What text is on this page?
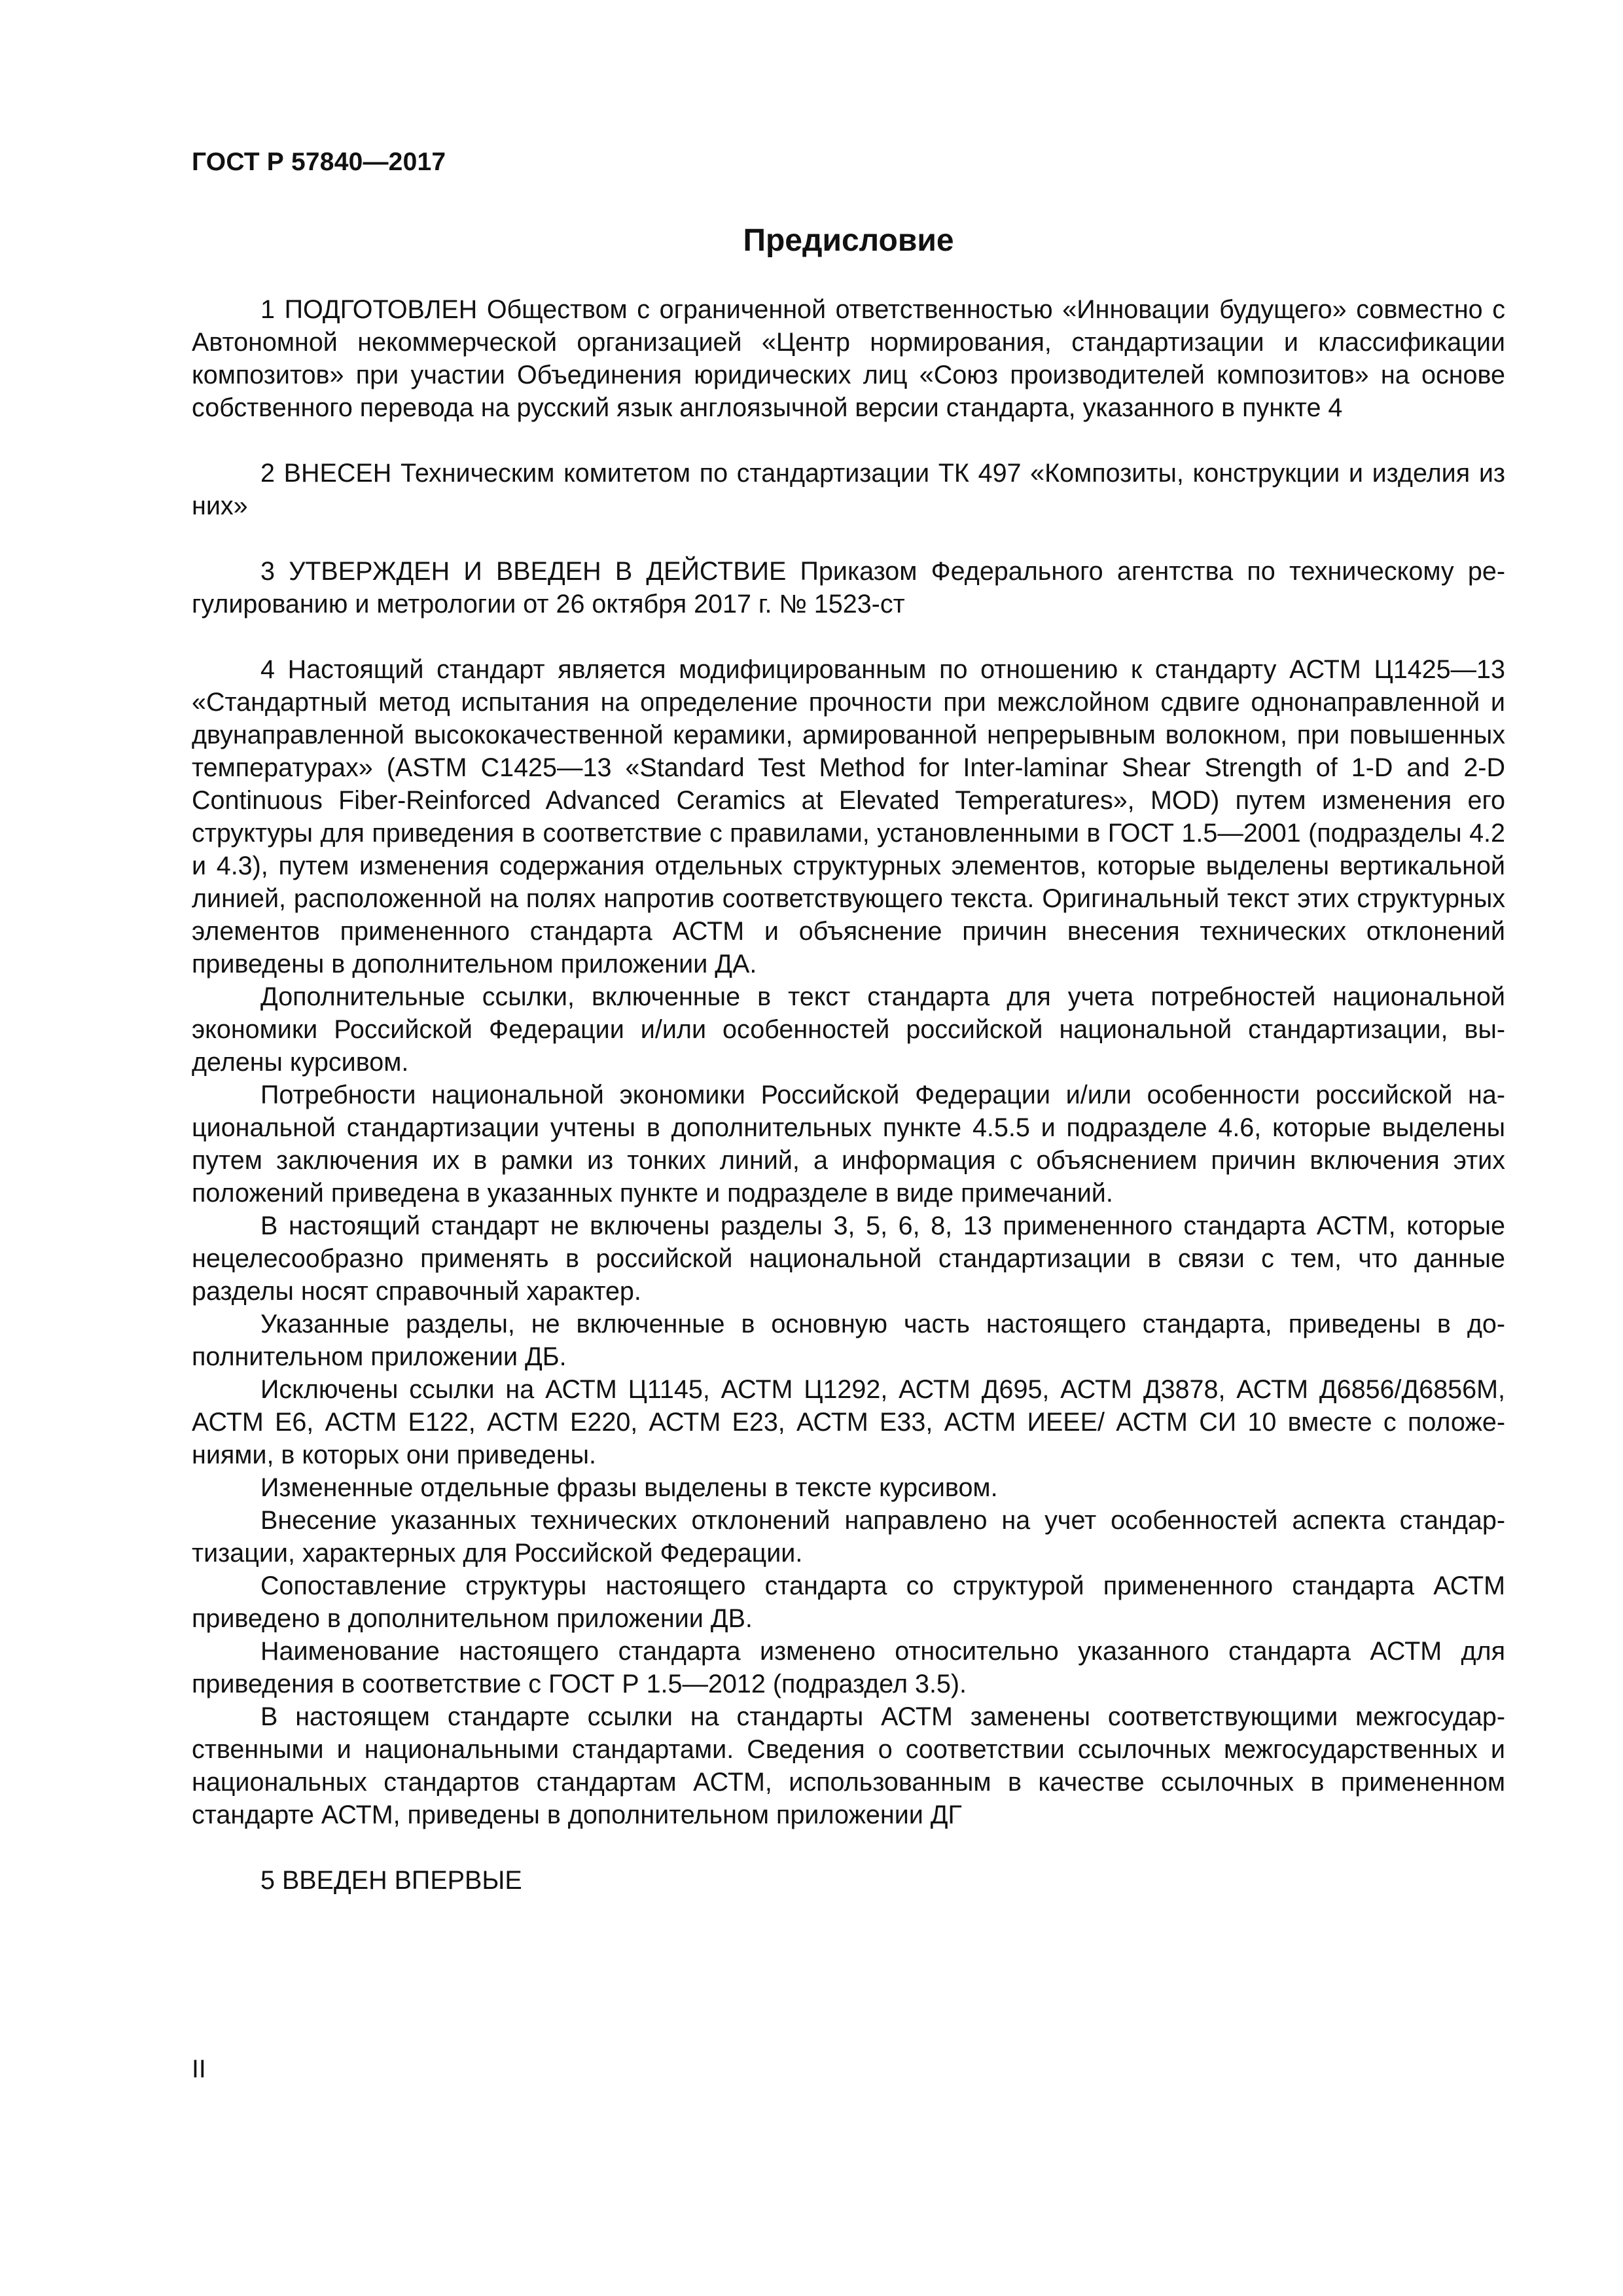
ГОСТ Р 57840—2017
Предисловие

1 ПОДГОТОВЛЕН Обществом с ограниченной ответственностью «Инновации будущего» совместно с Автономной некоммерческой организацией «Центр нормирования, стандартизации и классификации композитов» при участии Объединения юридических лиц «Союз производителей композитов» на основе собственного перевода на русский язык англоязычной версии стандарта, указанного в пункте 4

2 ВНЕСЕН Техническим комитетом по стандартизации ТК 497 «Композиты, конструкции и изделия из них»

3 УТВЕРЖДЕН И ВВЕДЕН В ДЕЙСТВИЕ Приказом Федерального агентства по техническому регулированию и метрологии от 26 октября 2017 г. № 1523-ст

4 Настоящий стандарт является модифицированным по отношению к стандарту АСТМ Ц1425—13 «Стандартный метод испытания на определение прочности при межслойном сдвиге однонаправленной и двунаправленной высококачественной керамики, армированной непрерывным волокном, при повышенных температурах» (ASTM C1425—13 «Standard Test Method for Inter-laminar Shear Strength of 1-D and 2-D Continuous Fiber-Reinforced Advanced Ceramics at Elevated Temperatures», MOD) путем изменения его структуры для приведения в соответствие с правилами, установленными в ГОСТ 1.5—2001 (подразделы 4.2 и 4.3), путем изменения содержания отдельных структурных элементов, которые выделены вертикальной линией, расположенной на полях напротив соответствующего текста. Оригинальный текст этих структурных элементов примененного стандарта АСТМ и объяснение причин внесения технических отклонений приведены в дополнительном приложении ДА.

Дополнительные ссылки, включенные в текст стандарта для учета потребностей национальной экономики Российской Федерации и/или особенностей российской национальной стандартизации, выделены курсивом.

Потребности национальной экономики Российской Федерации и/или особенности российской национальной стандартизации учтены в дополнительных пункте 4.5.5 и подразделе 4.6, которые выделены путем заключения их в рамки из тонких линий, а информация с объяснением причин включения этих положений приведена в указанных пункте и подразделе в виде примечаний.

В настоящий стандарт не включены разделы 3, 5, 6, 8, 13 примененного стандарта АСТМ, которые нецелесообразно применять в российской национальной стандартизации в связи с тем, что данные разделы носят справочный характер.

Указанные разделы, не включенные в основную часть настоящего стандарта, приведены в дополнительном приложении ДБ.

Исключены ссылки на АСТМ Ц1145, АСТМ Ц1292, АСТМ Д695, АСТМ Д3878, АСТМ Д6856/Д6856М, АСТМ Е6, АСТМ Е122, АСТМ Е220, АСТМ Е23, АСТМ Е33, АСТМ ИЕЕЕ/ АСТМ СИ 10 вместе с положениями, в которых они приведены.

Измененные отдельные фразы выделены в тексте курсивом.

Внесение указанных технических отклонений направлено на учет особенностей аспекта стандартизации, характерных для Российской Федерации.

Сопоставление структуры настоящего стандарта со структурой примененного стандарта АСТМ приведено в дополнительном приложении ДВ.

Наименование настоящего стандарта изменено относительно указанного стандарта АСТМ для приведения в соответствие с ГОСТ Р 1.5—2012 (подраздел 3.5).

В настоящем стандарте ссылки на стандарты АСТМ заменены соответствующими межгосударственными и национальными стандартами. Сведения о соответствии ссылочных межгосударственных и национальных стандартов стандартам АСТМ, использованным в качестве ссылочных в примененном стандарте АСТМ, приведены в дополнительном приложении ДГ

5 ВВЕДЕН ВПЕРВЫЕ

II
